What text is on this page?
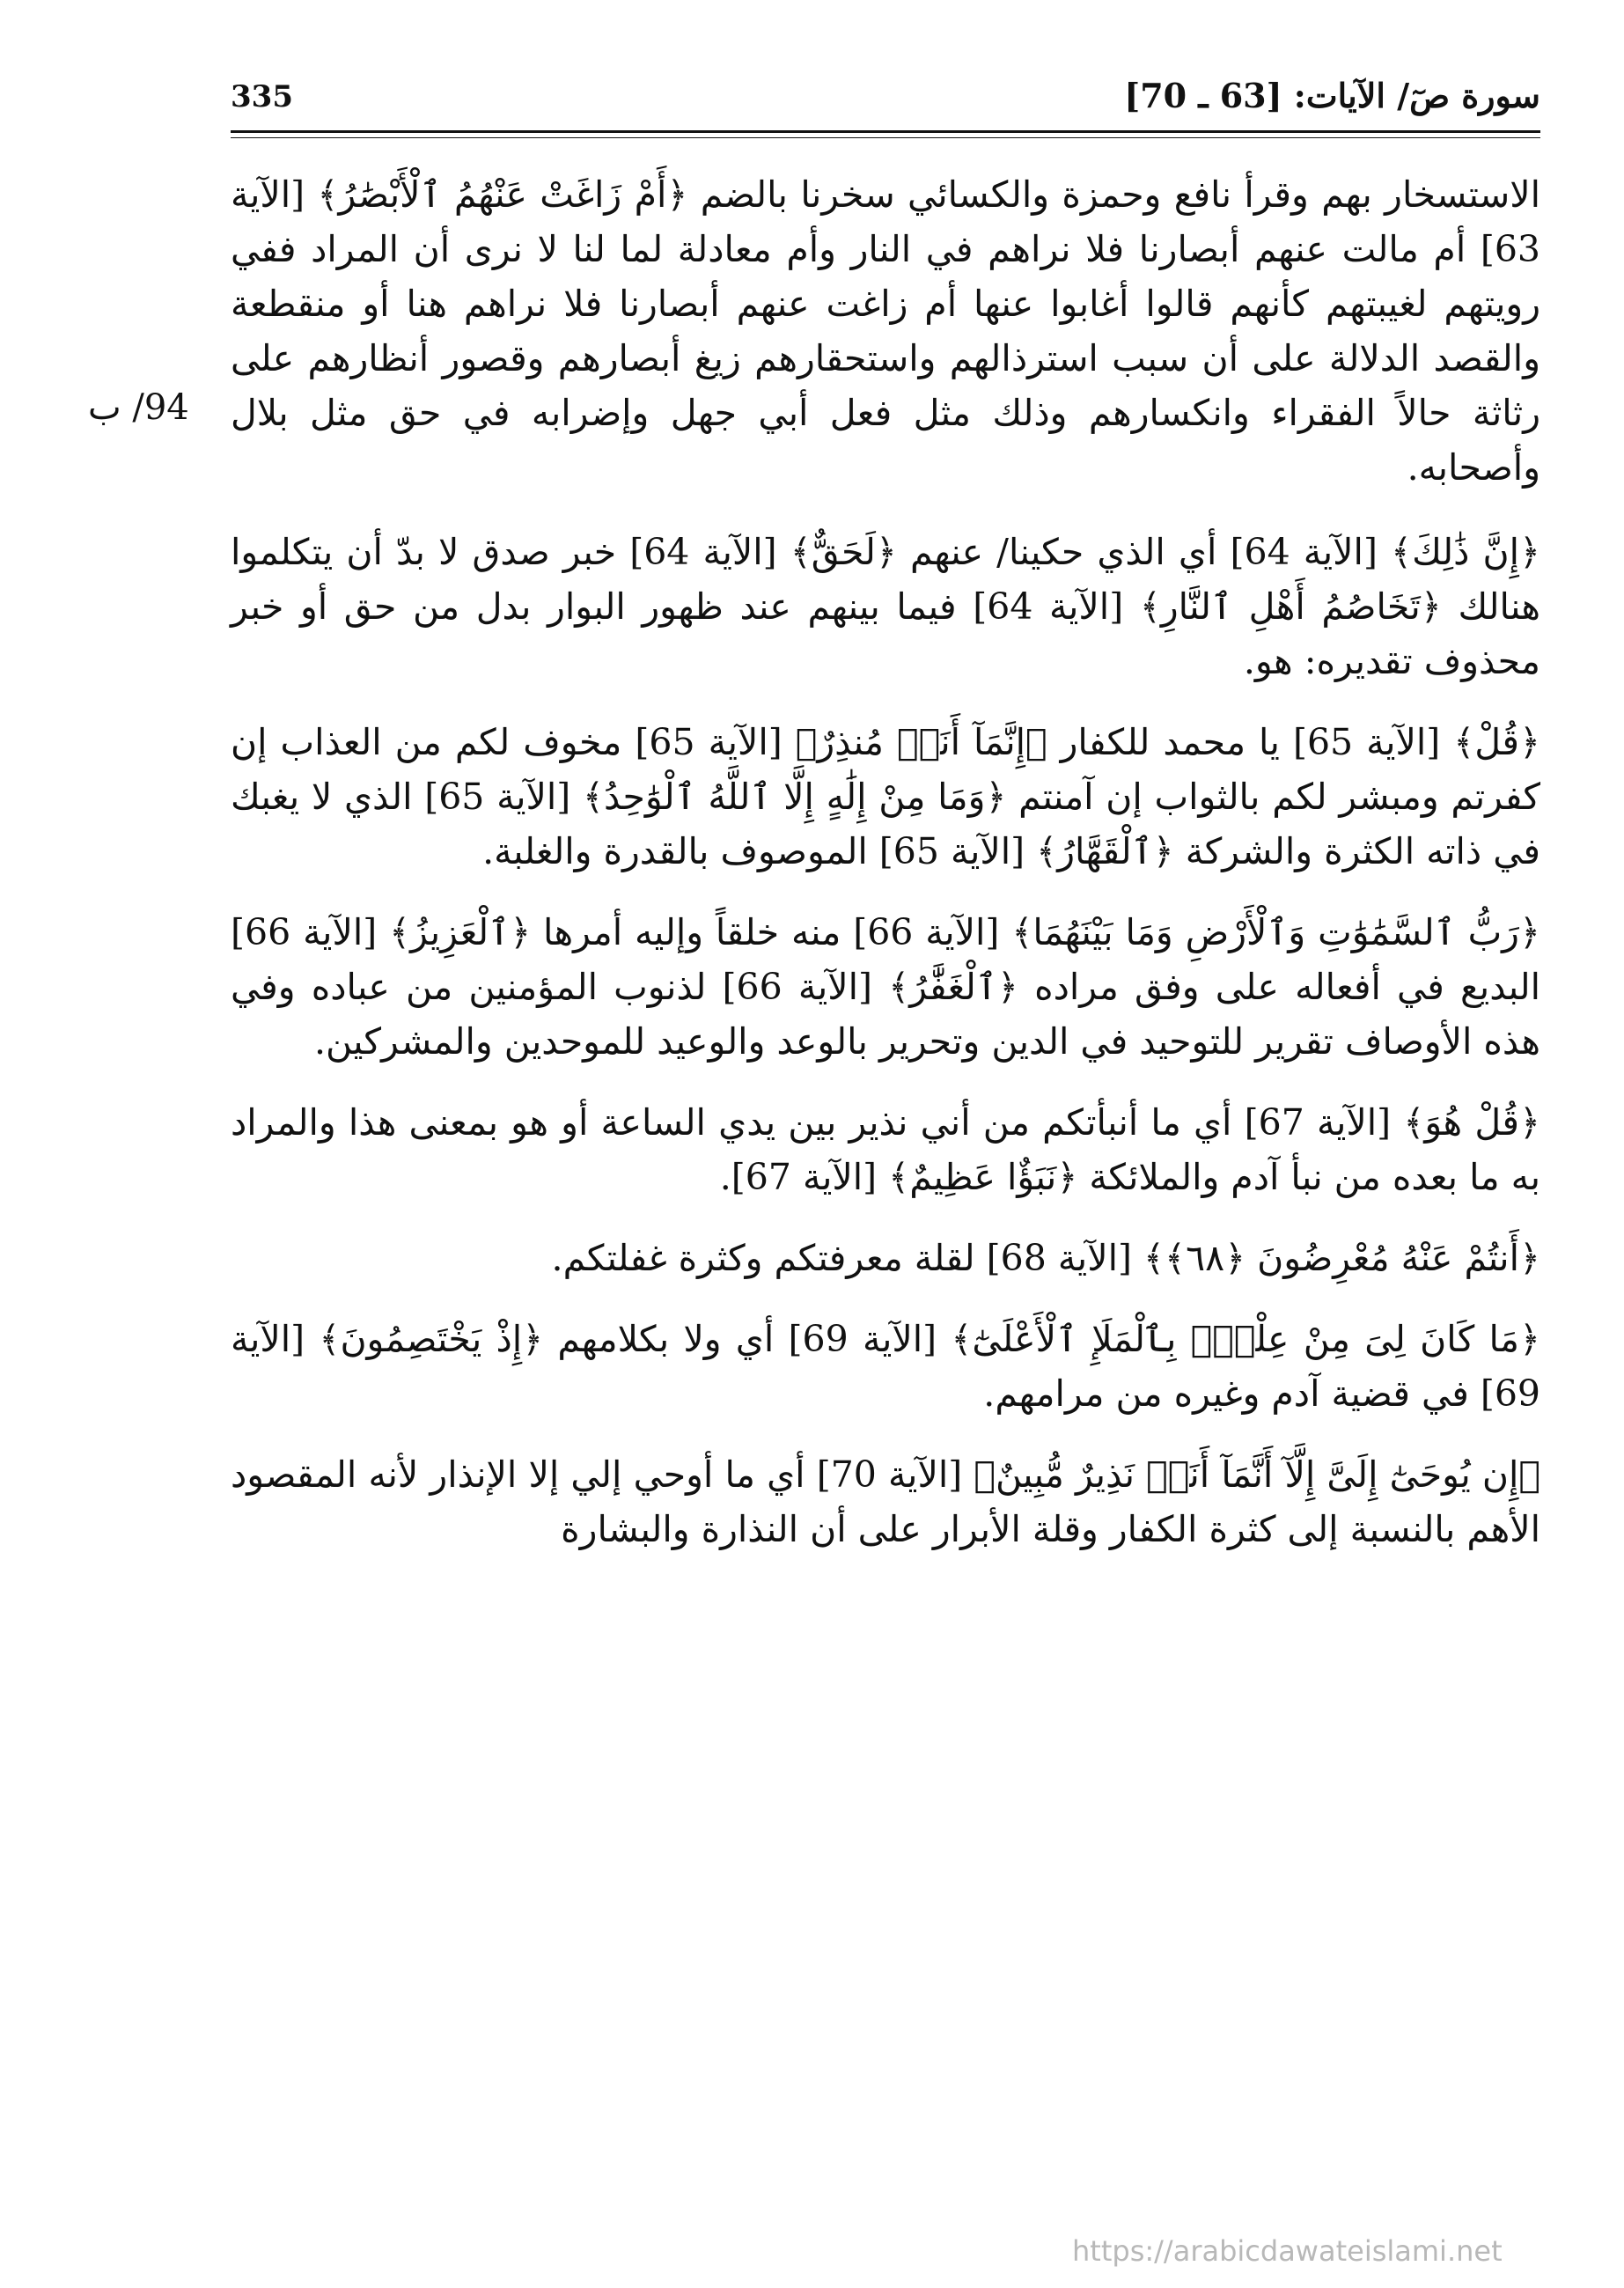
سورة صٓ/ الآيات: [63 ـ 70]
335
94/ ب

الاستسخار بهم وقرأ نافع وحمزة والكسائي سخرنا بالضم ﴿أَمْ زَاغَتْ عَنْهُمُ ٱلْأَبْصَٰرُ﴾ [الآية 63] أم مالت عنهم أبصارنا فلا نراهم في النار وأم معادلة لما لنا لا نرى أن المراد ففي رويتهم لغيبتهم كأنهم قالوا أغابوا عنها أم زاغت عنهم أبصارنا فلا نراهم هنا أو منقطعة والقصد الدلالة على أن سبب استرذالهم واستحقارهم زيغ أبصارهم وقصور أنظارهم على رثاثة حالاً الفقراء وانكسارهم وذلك مثل فعل أبي جهل وإضرابه في حق مثل بلال وأصحابه.

﴿إِنَّ ذَٰلِكَ﴾ [الآية 64] أي الذي حكينا/ عنهم ﴿لَحَقٌّ﴾ [الآية 64] خبر صدق لا بدّ أن يتكلموا هنالك ﴿تَخَاصُمُ أَهْلِ ٱلنَّارِ﴾ [الآية 64] فيما بينهم عند ظهور البوار بدل من حق أو خبر محذوف تقديره: هو.

﴿قُلْ﴾ [الآية 65] يا محمد للكفار ﴿إِنَّمَآ أَنَا۠ مُنذِرٌ﴾ [الآية 65] مخوف لكم من العذاب إن كفرتم ومبشر لكم بالثواب إن آمنتم ﴿وَمَا مِنْ إِلَٰهٍ إِلَّا ٱللَّهُ ٱلْوَٰحِدُ﴾ [الآية 65] الذي لا يغبك في ذاته الكثرة والشركة ﴿ٱلْقَهَّارُ﴾ [الآية 65] الموصوف بالقدرة والغلبة.

﴿رَبُّ ٱلسَّمَٰوَٰتِ وَٱلْأَرْضِ وَمَا بَيْنَهُمَا﴾ [الآية 66] منه خلقاً وإليه أمرها ﴿ٱلْعَزِيزُ﴾ [الآية 66] البديع في أفعاله على وفق مراده ﴿ٱلْغَفَّٰرُ﴾ [الآية 66] لذنوب المؤمنين من عباده وفي هذه الأوصاف تقرير للتوحيد في الدين وتحرير بالوعد والوعيد للموحدين والمشركين.

﴿قُلْ هُوَ﴾ [الآية 67] أي ما أنبأتكم من أني نذير بين يدي الساعة أو هو بمعنى هذا والمراد به ما بعده من نبأ آدم والملائكة ﴿نَبَؤٌا عَظِيمٌ﴾ [الآية 67].

﴿أَنتُمْ عَنْهُ مُعْرِضُونَ ﴿٦٨﴾﴾ [الآية 68] لقلة معرفتكم وكثرة غفلتكم.

﴿مَا كَانَ لِىَ مِنْ عِلْمٍۭ بِٱلْمَلَإِ ٱلْأَعْلَىٰٓ﴾ [الآية 69] أي ولا بكلامهم ﴿إِذْ يَخْتَصِمُونَ﴾ [الآية 69] في قضية آدم وغيره من مرامهم.

﴿إِن يُوحَىٰٓ إِلَىَّ إِلَّآ أَنَّمَآ أَنَا۠ نَذِيرٌ مُّبِينٌ﴾ [الآية 70] أي ما أوحي إلي إلا الإنذار لأنه المقصود الأهم بالنسبة إلى كثرة الكفار وقلة الأبرار على أن النذارة والبشارة

https://arabicdawateislami.net
